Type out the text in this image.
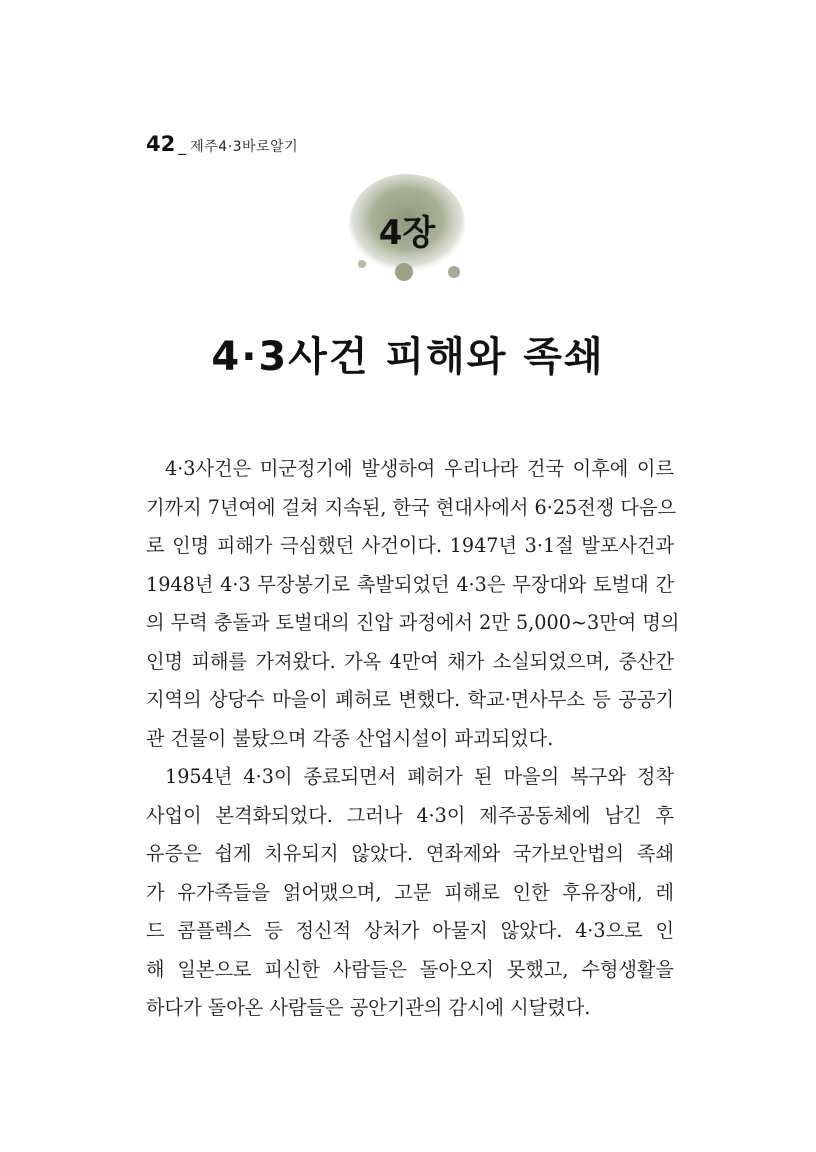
42 _ 제주4·3바로알기
4장
4·3사건 피해와 족쇄
4·3사건은 미군정기에 발생하여 우리나라 건국 이후에 이르
기까지 7년여에 걸쳐 지속된, 한국 현대사에서 6·25전쟁 다음으
로 인명 피해가 극심했던 사건이다. 1947년 3·1절 발포사건과
1948년 4·3 무장봉기로 촉발되었던 4·3은 무장대와 토벌대 간
의 무력 충돌과 토벌대의 진압 과정에서 2만 5,000~3만여 명의
인명 피해를 가져왔다. 가옥 4만여 채가 소실되었으며, 중산간
지역의 상당수 마을이 폐허로 변했다. 학교·면사무소 등 공공기
관 건물이 불탔으며 각종 산업시설이 파괴되었다.
1954년 4·3이 종료되면서 폐허가 된 마을의 복구와 정착
사업이 본격화되었다. 그러나 4·3이 제주공동체에 남긴 후
유증은 쉽게 치유되지 않았다. 연좌제와 국가보안법의 족쇄
가 유가족들을 얽어맸으며, 고문 피해로 인한 후유장애, 레
드 콤플렉스 등 정신적 상처가 아물지 않았다. 4·3으로 인
해 일본으로 피신한 사람들은 돌아오지 못했고, 수형생활을
하다가 돌아온 사람들은 공안기관의 감시에 시달렸다.
